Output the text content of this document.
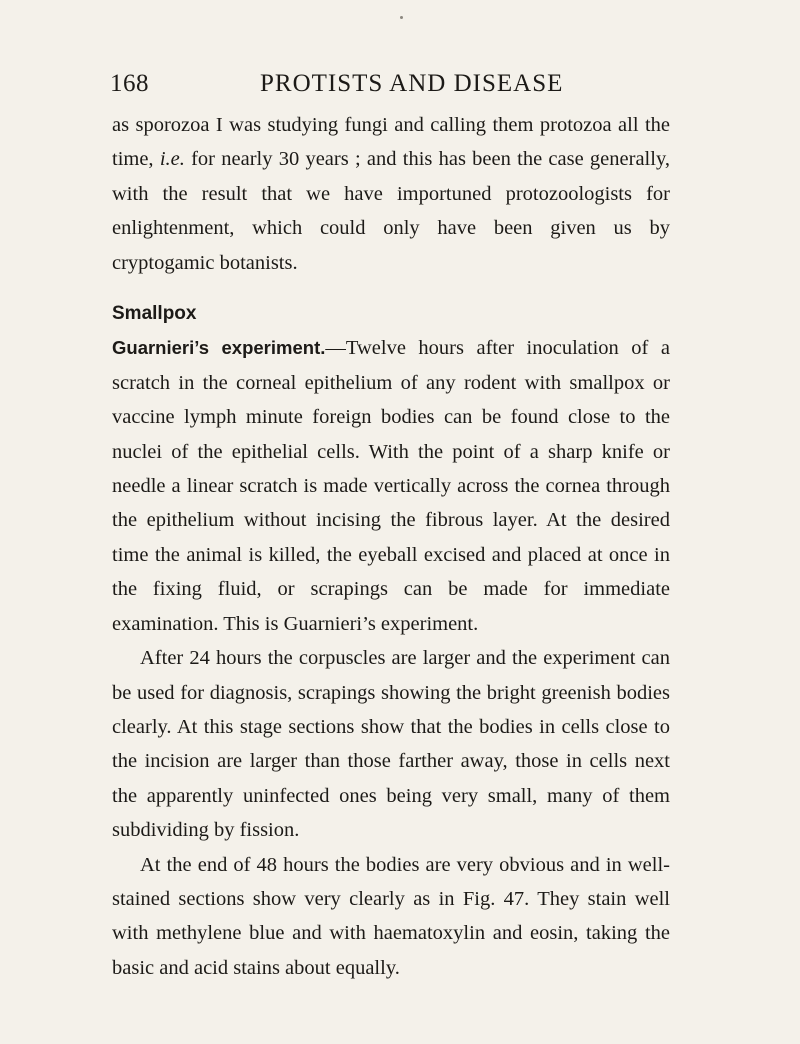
168	PROTISTS AND DISEASE

as sporozoa I was studying fungi and calling them protozoa all the time, i.e. for nearly 30 years ; and this has been the case generally, with the result that we have importuned protozoologists for enlightenment, which could only have been given us by cryptogamic botanists.

Smallpox

Guarnieri’s experiment.—Twelve hours after inoculation of a scratch in the corneal epithelium of any rodent with smallpox or vaccine lymph minute foreign bodies can be found close to the nuclei of the epithelial cells. With the point of a sharp knife or needle a linear scratch is made vertically across the cornea through the epithelium without incising the fibrous layer. At the desired time the animal is killed, the eyeball excised and placed at once in the fixing fluid, or scrapings can be made for immediate examination. This is Guarnieri’s experiment.

After 24 hours the corpuscles are larger and the experiment can be used for diagnosis, scrapings showing the bright greenish bodies clearly. At this stage sections show that the bodies in cells close to the incision are larger than those farther away, those in cells next the apparently uninfected ones being very small, many of them subdividing by fission.

At the end of 48 hours the bodies are very obvious and in well-stained sections show very clearly as in Fig. 47. They stain well with methylene blue and with haematoxylin and eosin, taking the basic and acid stains about equally.
